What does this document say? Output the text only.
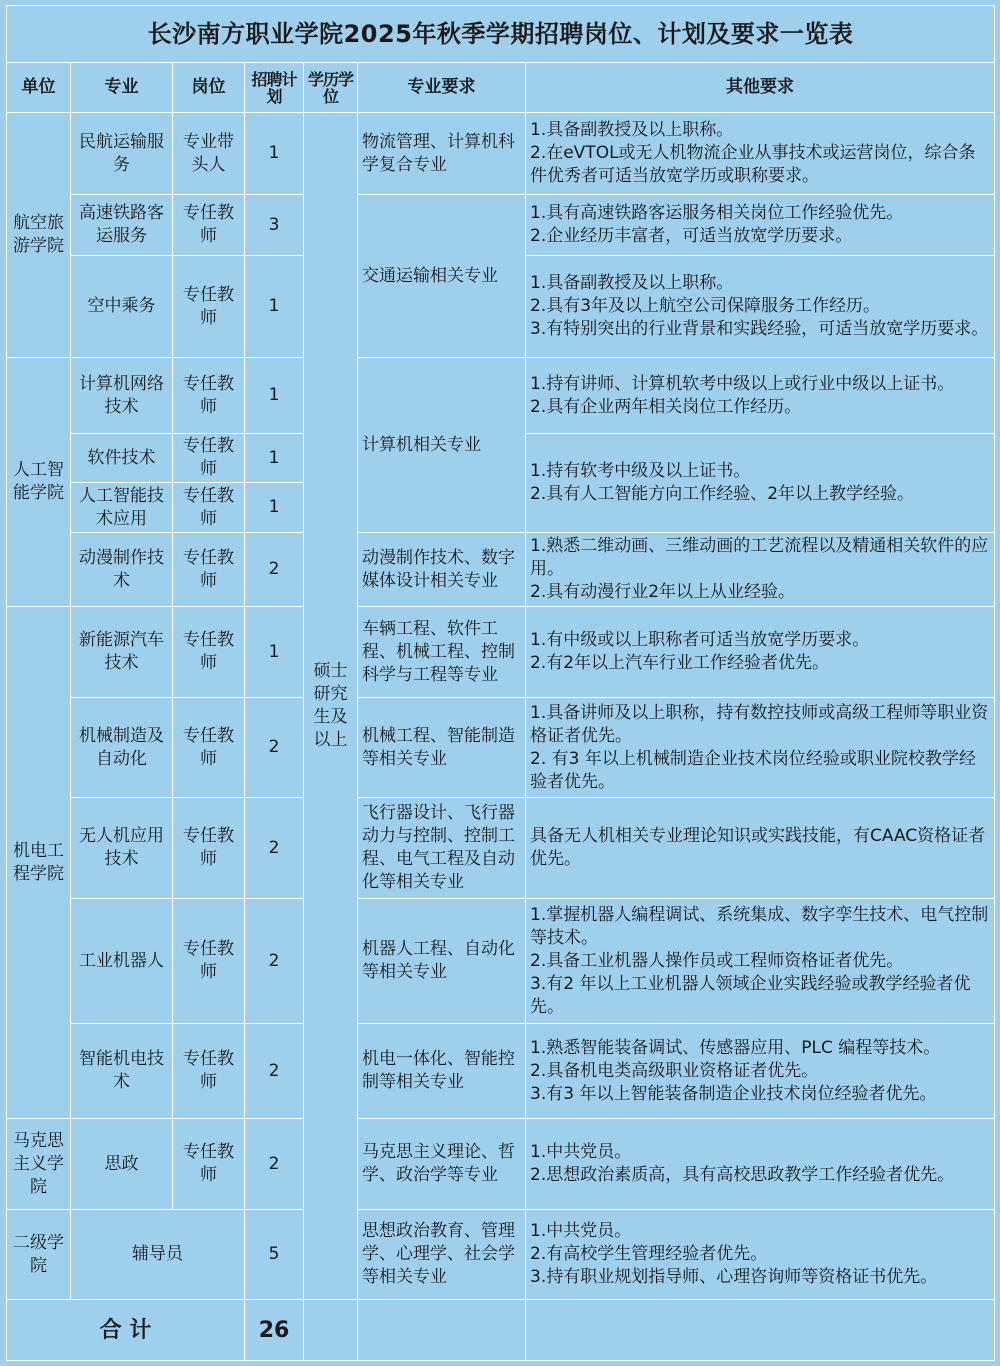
长沙南方职业学院2025年秋季学期招聘岗位、计划及要求一览表						
单位	专业	岗位	招聘计划	学历学位	专业要求	其他要求
航空旅游学院	民航运输服务	专业带头人	1	硕士研究生及以上	物流管理、计算机科学复合专业	1.具备副教授及以上职称。
2.在eVTOL或无人机物流企业从事技术或运营岗位，综合条件优秀者可适当放宽学历或职称要求。

	高速铁路客运服务	专任教师	3		交通运输相关专业	1.具有高速铁路客运服务相关岗位工作经验优先。
2.企业经历丰富者，可适当放宽学历要求。

	空中乘务	专任教师	1			1.具备副教授及以上职称。
2.具有3年及以上航空公司保障服务工作经历。
3.有特别突出的行业背景和实践经验，可适当放宽学历要求。

人工智能学院	计算机网络技术	专任教师	1		计算机相关专业	1.持有讲师、计算机软考中级以上或行业中级以上证书。
2.具有企业两年相关岗位工作经历。

	软件技术	专任教师	1			1.持有软考中级及以上证书。
2.具有人工智能方向工作经验、2年以上教学经验。

	人工智能技术应用	专任教师	1			
	动漫制作技术	专任教师	2		动漫制作技术、数字媒体设计相关专业	1.熟悉二维动画、三维动画的工艺流程以及精通相关软件的应用。
2.具有动漫行业2年以上从业经验。

机电工程学院	新能源汽车技术	专任教师	1		车辆工程、软件工程、机械工程、控制科学与工程等专业	1.有中级或以上职称者可适当放宽学历要求。
2.有2年以上汽车行业工作经验者优先。

	机械制造及自动化	专任教师	2		机械工程、智能制造等相关专业	1.具备讲师及以上职称，持有数控技师或高级工程师等职业资格证者优先。
2. 有3 年以上机械制造企业技术岗位经验或职业院校教学经验者优先。

	无人机应用技术	专任教师	2		飞行器设计、飞行器动力与控制、控制工程、电气工程及自动化等相关专业	具备无人机相关专业理论知识或实践技能，有CAAC资格证者优先。

	工业机器人	专任教师	2		机器人工程、自动化等相关专业	1.掌握机器人编程调试、系统集成、数字孪生技术、电气控制等技术。
2.具备工业机器人操作员或工程师资格证者优先。
3.有2 年以上工业机器人领域企业实践经验或教学经验者优先。

	智能机电技术	专任教师	2		机电一体化、智能控制等相关专业	1.熟悉智能装备调试、传感器应用、PLC 编程等技术。
2.具备机电类高级职业资格证者优先。
3.有3 年以上智能装备制造企业技术岗位经验者优先。

马克思主义学院	思政	专任教师	2		马克思主义理论、哲学、政治学等专业	1.中共党员。
2.思想政治素质高，具有高校思政教学工作经验者优先。

二级学院	辅导员		5		思想政治教育、管理学、心理学、社会学等相关专业	1.中共党员。
2.有高校学生管理经验者优先。
3.持有职业规划指导师、心理咨询师等资格证书优先。

合 计			26			
